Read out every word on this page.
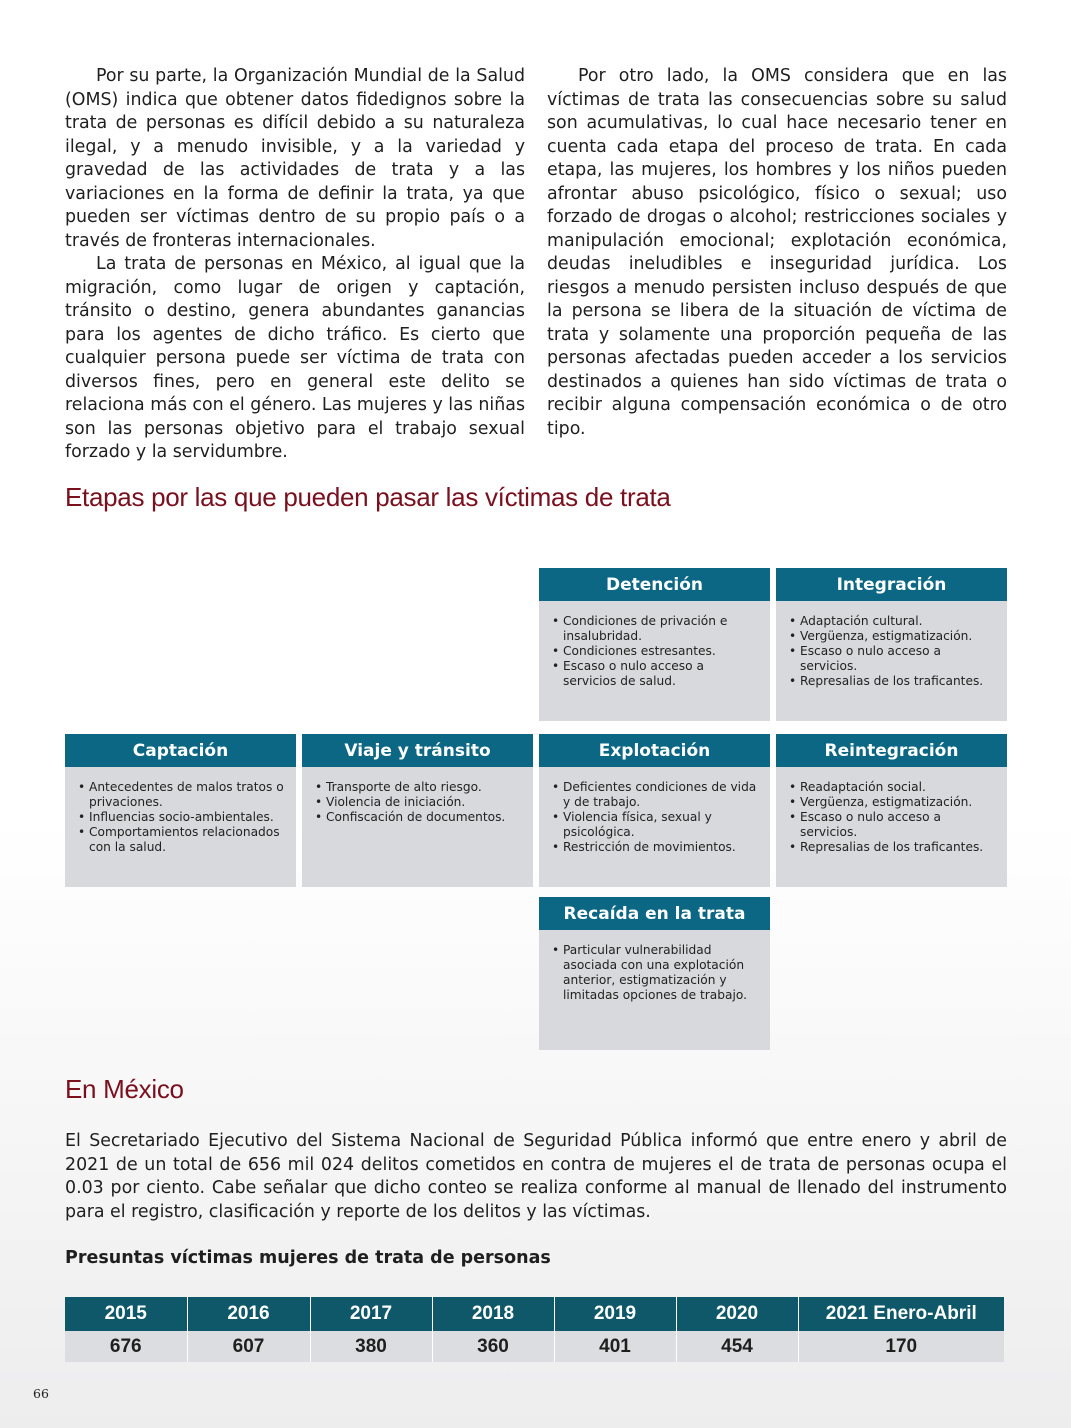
Por su parte, la Organización Mundial de la Salud (OMS) indica que obtener datos fidedignos sobre la trata de personas es difícil debido a su naturaleza ilegal, y a menudo invisible, y a la variedad y gravedad de las actividades de trata y a las variaciones en la forma de definir la trata, ya que pueden ser víctimas dentro de su propio país o a través de fronteras internacionales.

La trata de personas en México, al igual que la migración, como lugar de origen y captación, tránsito o destino, genera abundantes ganancias para los agentes de dicho tráfico. Es cierto que cualquier persona puede ser víctima de trata con diversos fines, pero en general este delito se relaciona más con el género. Las mujeres y las niñas son las personas objetivo para el trabajo sexual forzado y la servidumbre.

Por otro lado, la OMS considera que en las víctimas de trata las consecuencias sobre su salud son acumulativas, lo cual hace necesario tener en cuenta cada etapa del proceso de trata. En cada etapa, las mujeres, los hombres y los niños pueden afrontar abuso psicológico, físico o sexual; uso forzado de drogas o alcohol; restricciones sociales y manipulación emocional; explotación económica, deudas ineludibles e inseguridad jurídica. Los riesgos a menudo persisten incluso después de que la persona se libera de la situación de víctima de trata y solamente una proporción pequeña de las personas afectadas pueden acceder a los servicios destinados a quienes han sido víctimas de trata o recibir alguna compensación económica o de otro tipo.

Etapas por las que pueden pasar las víctimas de trata
Detención
• Condiciones de privación e insalubridad.
• Condiciones estresantes.
• Escaso o nulo acceso a servicios de salud.
Integración
• Adaptación cultural.
• Vergüenza, estigmatización.
• Escaso o nulo acceso a servicios.
• Represalias de los traficantes.
Captación
• Antecedentes de malos tratos o privaciones.
• Influencias socio-ambientales.
• Comportamientos relacionados con la salud.
Viaje y tránsito
• Transporte de alto riesgo.
• Violencia de iniciación.
• Confiscación de documentos.
Explotación
• Deficientes condiciones de vida y de trabajo.
• Violencia física, sexual y psicológica.
• Restricción de movimientos.
Reintegración
• Readaptación social.
• Vergüenza, estigmatización.
• Escaso o nulo acceso a servicios.
• Represalias de los traficantes.
Recaída en la trata
• Particular vulnerabilidad asociada con una explotación anterior, estigmatización y limitadas opciones de trabajo.
En México

El Secretariado Ejecutivo del Sistema Nacional de Seguridad Pública informó que entre enero y abril de 2021 de un total de 656 mil 024 delitos cometidos en contra de mujeres el de trata de personas ocupa el 0.03 por ciento. Cabe señalar que dicho conteo se realiza conforme al manual de llenado del instrumento para el registro, clasificación y reporte de los delitos y las víctimas.

Presuntas víctimas mujeres de trata de personas

2015	2016	2017	2018	2019	2020	2021 Enero-Abril
676	607	380	360	401	454	170
66
